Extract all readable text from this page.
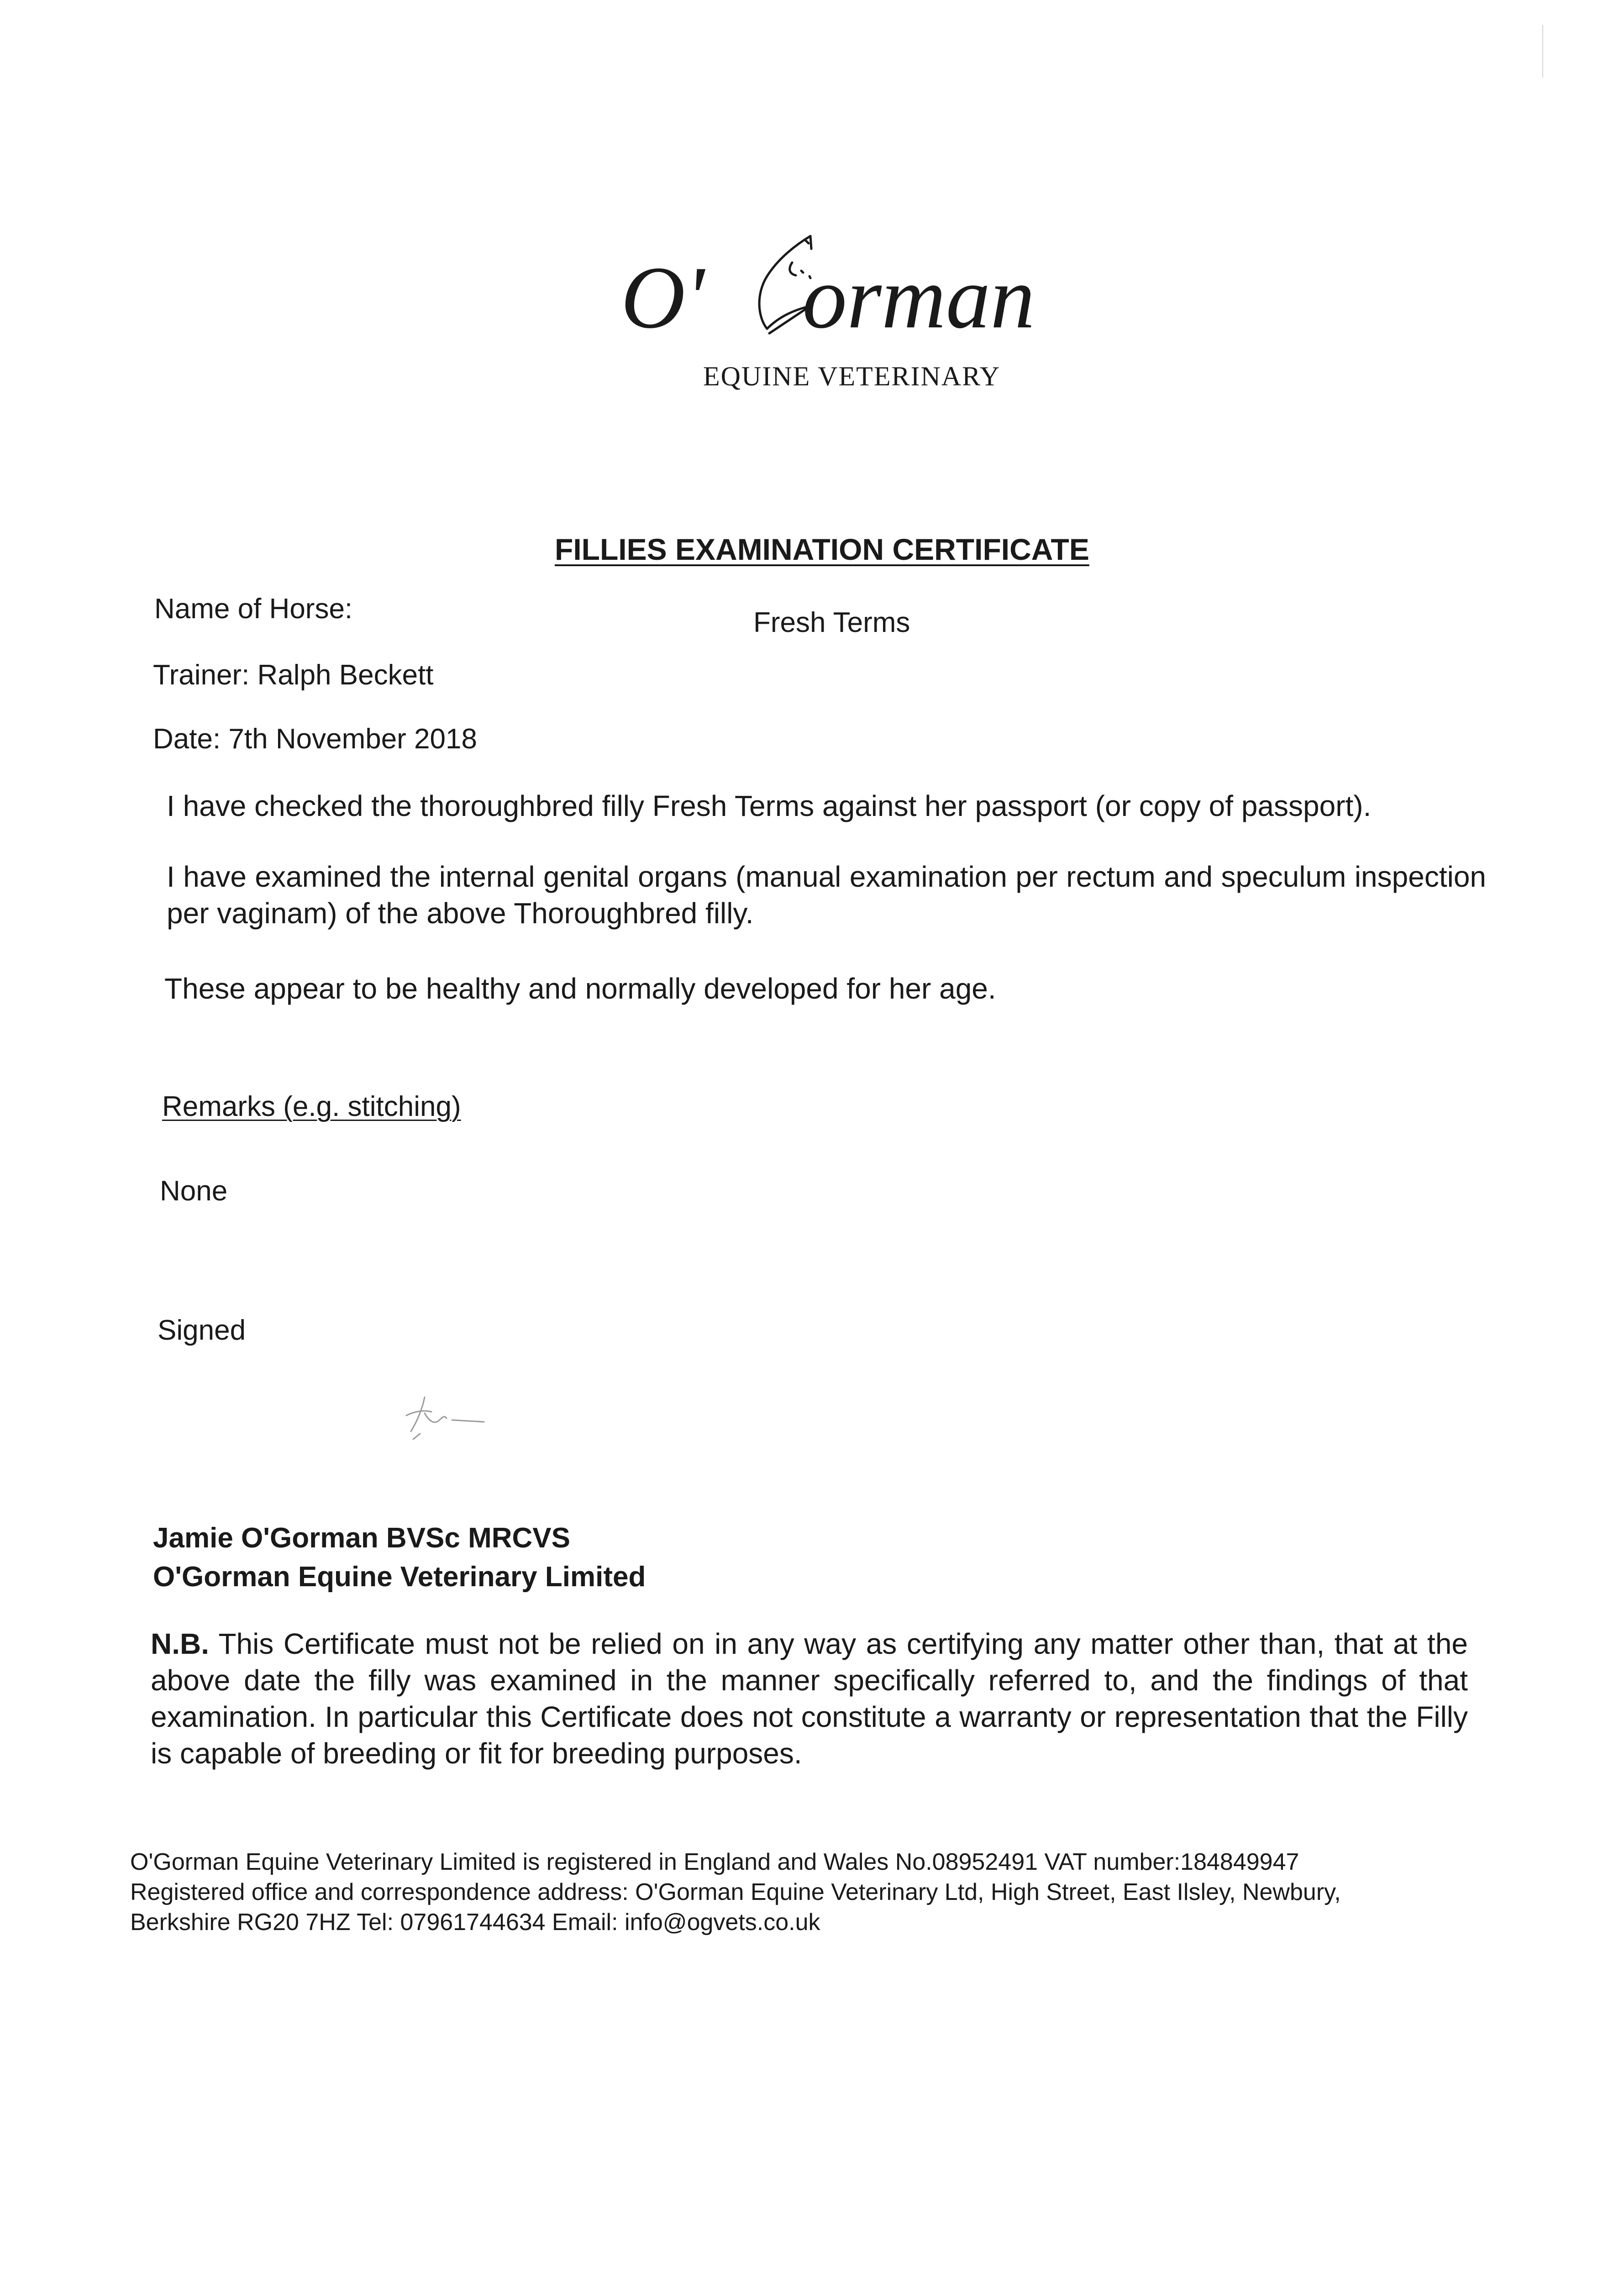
O' orman
EQUINE VETERINARY
FILLIES EXAMINATION CERTIFICATE
Name of Horse:	Fresh Terms
Trainer: Ralph Beckett
Date: 7th November 2018
I have checked the thoroughbred filly Fresh Terms against her passport (or copy of passport).
I have examined the internal genital organs (manual examination per rectum and speculum inspection per vaginam) of the above Thoroughbred filly.
These appear to be healthy and normally developed for her age.
Remarks (e.g. stitching)
None
Signed
Jamie O'Gorman BVSc MRCVS
O'Gorman Equine Veterinary Limited
N.B. This Certificate must not be relied on in any way as certifying any matter other than, that at the above date the filly was examined in the manner specifically referred to, and the findings of that examination. In particular this Certificate does not constitute a warranty or representation that the Filly is capable of breeding or fit for breeding purposes.
O'Gorman Equine Veterinary Limited is registered in England and Wales No.08952491 VAT number:184849947
Registered office and correspondence address: O'Gorman Equine Veterinary Ltd, High Street, East Ilsley, Newbury,
Berkshire RG20 7HZ Tel: 07961744634 Email: info@ogvets.co.uk
